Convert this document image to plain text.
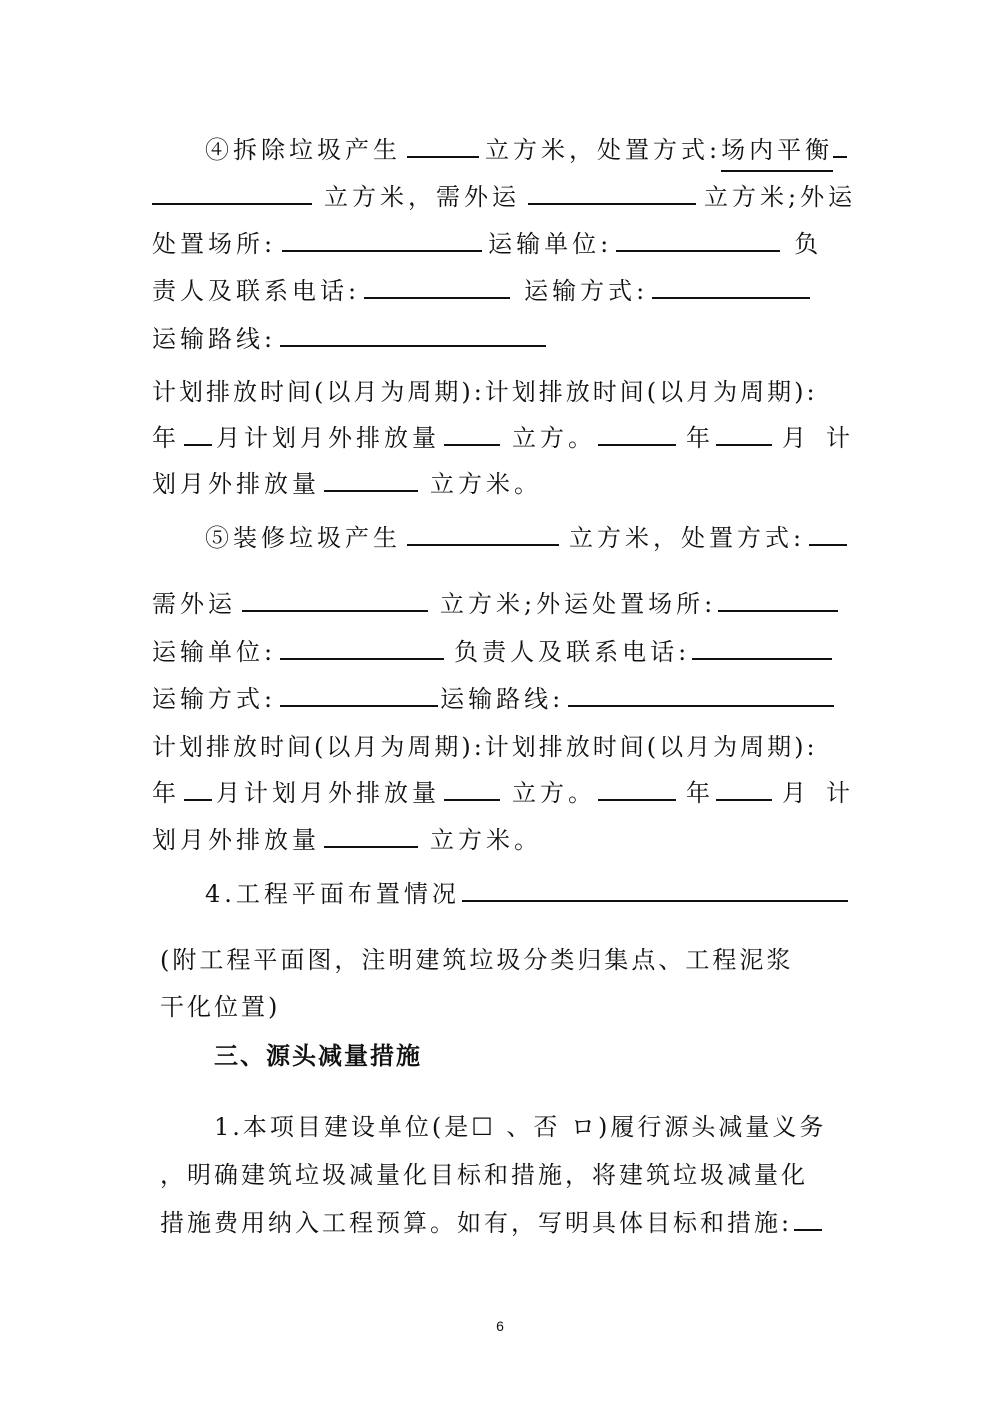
④拆除垃圾产生	立方米，处置方式:场内平衡
立方米，需外运	立方米;外运
处置场所:	运输单位:	负
责人及联系电话:	运输方式:
运输路线:
计划排放时间(以月为周期):计划排放时间(以月为周期):
年 月计划月外排放量	立方。	年	月 计
划月外排放量	立方米。
⑤装修垃圾产生	立方米，处置方式:
需外运	立方米;外运处置场所:
运输单位:	负责人及联系电话:
运输方式:	运输路线:
计划排放时间(以月为周期):计划排放时间(以月为周期):
年 月计划月外排放量	立方。	年	月 计
划月外排放量	立方米。
4.工程平面布置情况
(附工程平面图，注明建筑垃圾分类归集点、工程泥浆
干化位置)
三、源头减量措施
1.本项目建设单位(是☐ 、否 ロ)履行源头减量义务
，明确建筑垃圾减量化目标和措施，将建筑垃圾减量化
措施费用纳入工程预算。如有，写明具体目标和措施:
6
